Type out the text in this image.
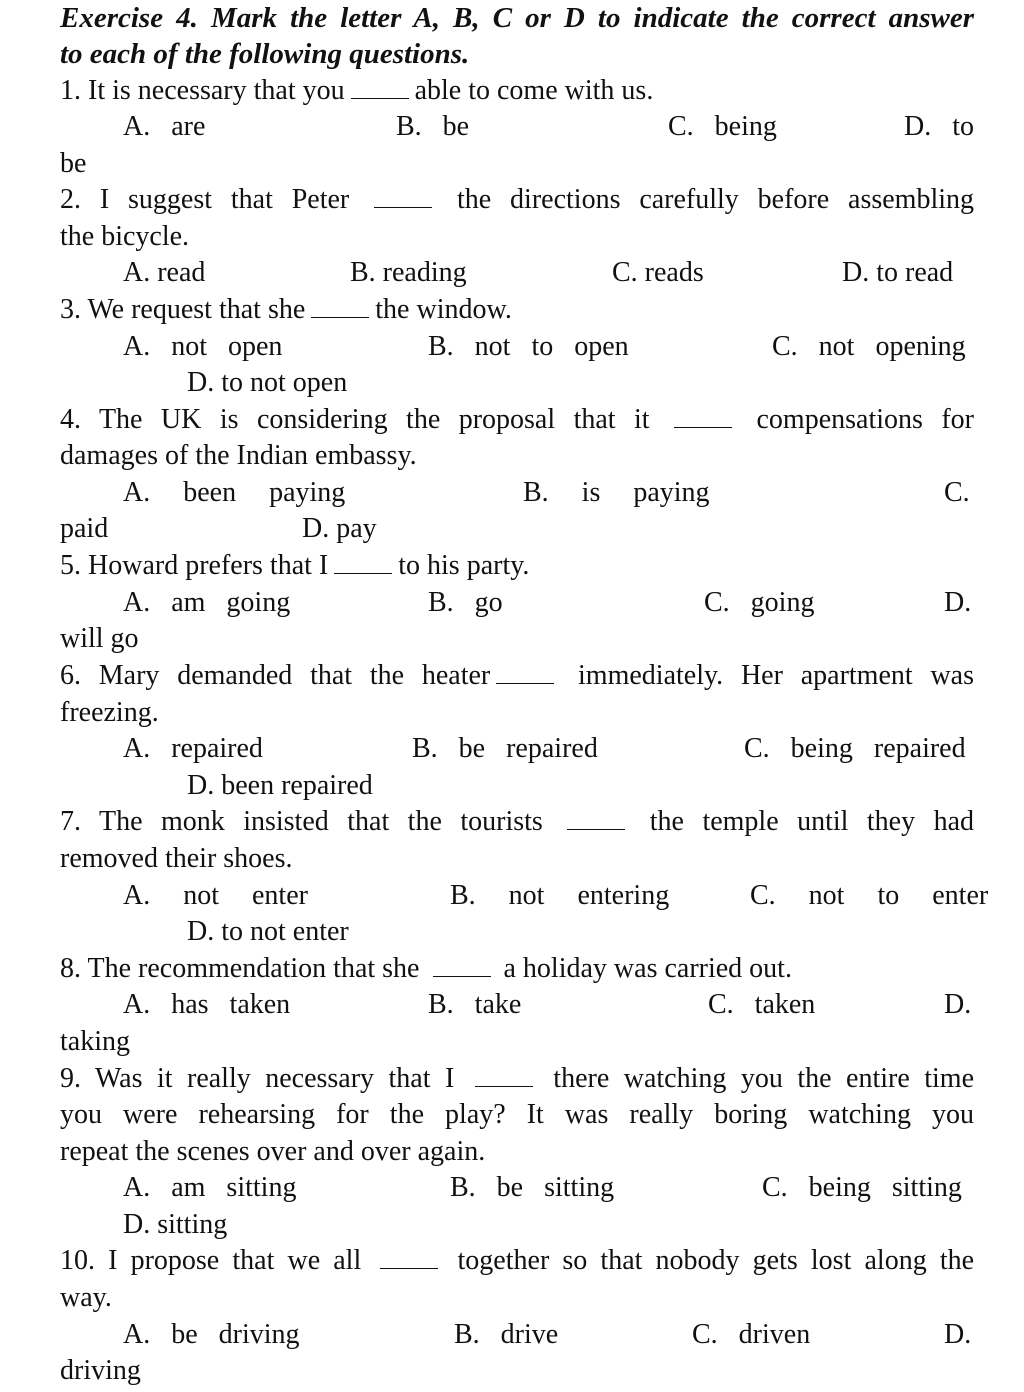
Exercise 4. Mark the letter A, B, C or D to indicate the correct answer
to each of the following questions.
1. It is necessary that you	able to come with us.
A. are	B. be	C. being	D. to
be
2. I suggest that Peter	the directions carefully before assembling
the bicycle.
A. read	B. reading	C. reads	D. to read
3. We request that she	the window.
A. not open	B. not to open	C. not opening
D. to not open
4. The UK is considering the proposal that it	compensations for
damages of the Indian embassy.
A. been paying	B. is paying	C.
paid	D. pay
5. Howard prefers that I	to his party.
A. am going	B. go	C. going	D.
will go
6. Mary demanded that the heater	immediately. Her apartment was
freezing.
A. repaired	B. be repaired	C. being repaired
D. been repaired
7. The monk insisted that the tourists	the temple until they had
removed their shoes.
A. not enter	B. not entering	C. not to enter
D. to not enter
8. The recommendation that she	a holiday was carried out.
A. has taken	B. take	C. taken	D.
taking
9. Was it really necessary that I	there watching you the entire time
you were rehearsing for the play? It was really boring watching you
repeat the scenes over and over again.
A. am sitting	B. be sitting	C. being sitting
D. sitting
10. I propose that we all	together so that nobody gets lost along the
way.
A. be driving	B. drive	C. driven	D.
driving
